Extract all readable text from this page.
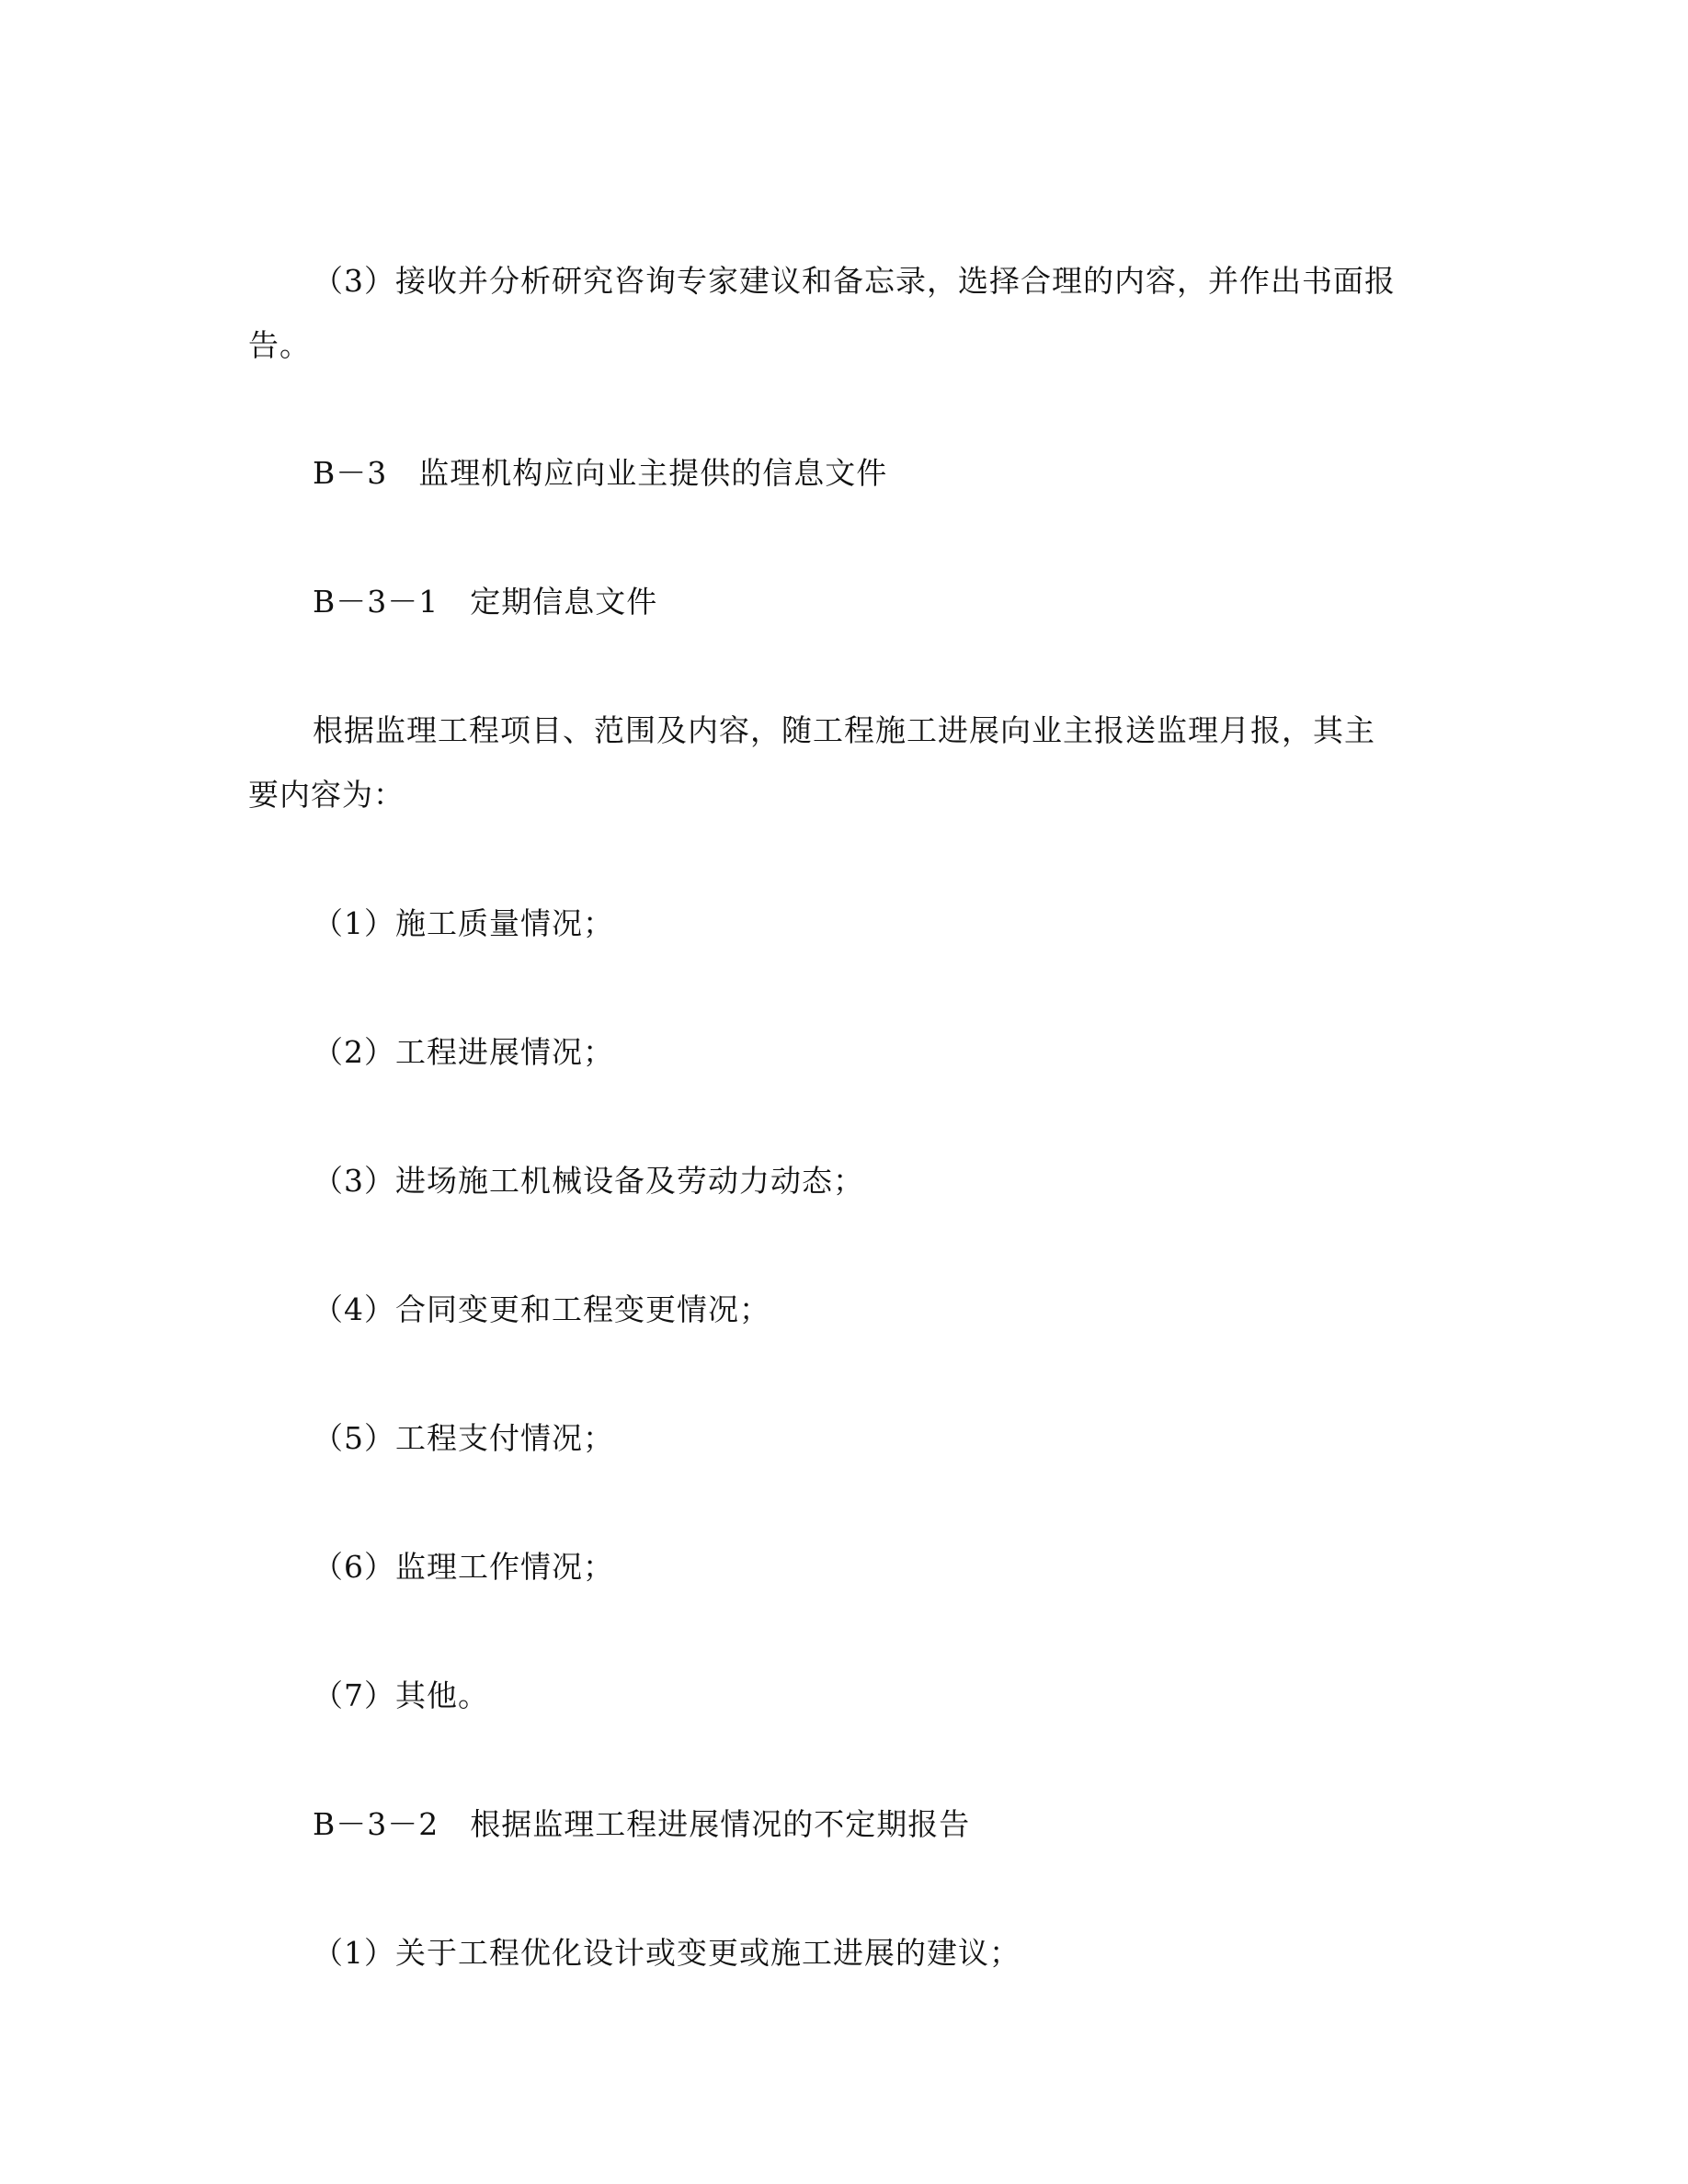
（3）接收并分析研究咨询专家建议和备忘录，选择合理的内容，并作出书面报
告。
B－3　监理机构应向业主提供的信息文件
B－3－1　定期信息文件
根据监理工程项目、范围及内容，随工程施工进展向业主报送监理月报，其主
要内容为：
（1）施工质量情况；
（2）工程进展情况；
（3）进场施工机械设备及劳动力动态；
（4）合同变更和工程变更情况；
（5）工程支付情况；
（6）监理工作情况；
（7）其他。
B－3－2　根据监理工程进展情况的不定期报告
（1）关于工程优化设计或变更或施工进展的建议；
